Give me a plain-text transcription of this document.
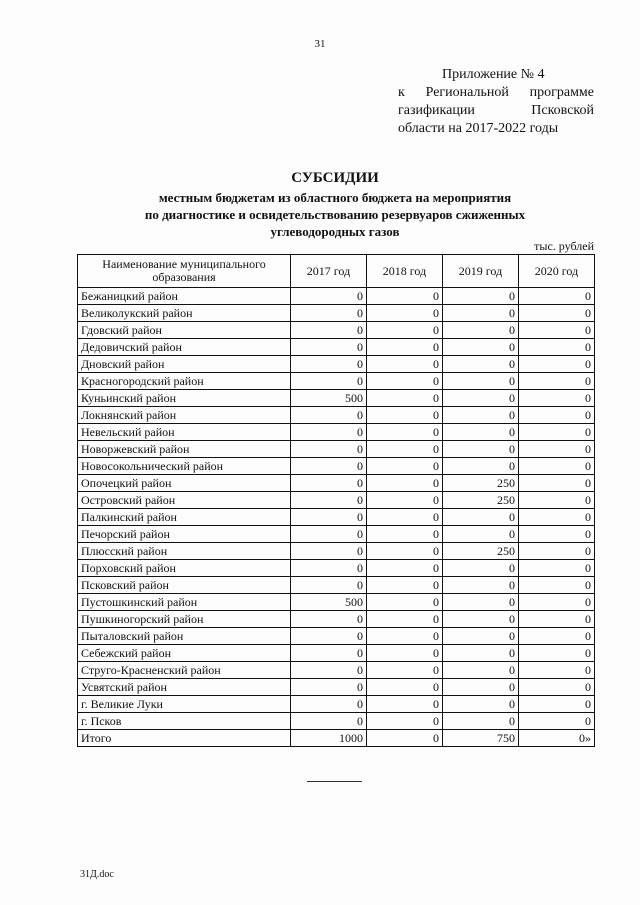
31
Приложение № 4
к Региональной программе
газификации Псковской
области на 2017-2022 годы
СУБСИДИИ
местным бюджетам из областного бюджета на мероприятия
по диагностике и освидетельствованию резервуаров сжиженных
углеводородных газов
тыс. рублей
Наименование муниципального образования	2017 год	2018 год	2019 год	2020 год
Бежаницкий район	0	0	0	0
Великолукский район	0	0	0	0
Гдовский район	0	0	0	0
Дедовичский район	0	0	0	0
Дновский район	0	0	0	0
Красногородский район	0	0	0	0
Куньинский район	500	0	0	0
Локнянский район	0	0	0	0
Невельский район	0	0	0	0
Новоржевский район	0	0	0	0
Новосокольнический район	0	0	0	0
Опочецкий район	0	0	250	0
Островский район	0	0	250	0
Палкинский район	0	0	0	0
Печорский район	0	0	0	0
Плюсский район	0	0	250	0
Порховский район	0	0	0	0
Псковский район	0	0	0	0
Пустошкинский район	500	0	0	0
Пушкиногорский район	0	0	0	0
Пыталовский район	0	0	0	0
Себежский район	0	0	0	0
Струго-Красненский район	0	0	0	0
Усвятский район	0	0	0	0
г. Великие Луки	0	0	0	0
г. Псков	0	0	0	0
Итого	1000	0	750	0»
31Д.doc
